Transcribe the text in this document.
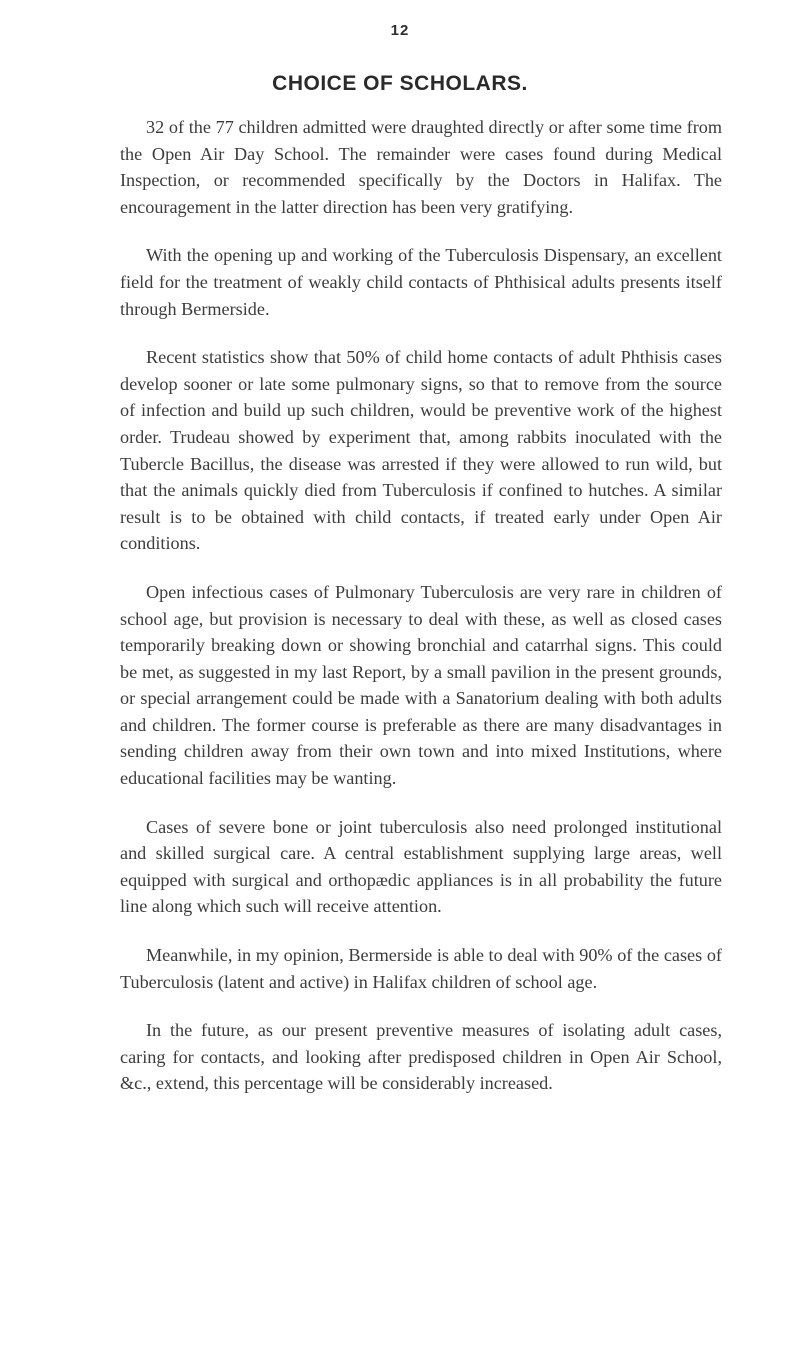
12
CHOICE OF SCHOLARS.

32 of the 77 children admitted were draughted directly or after some time from the Open Air Day School. The remainder were cases found during Medical Inspection, or recommended specifically by the Doctors in Halifax. The encouragement in the latter direction has been very gratifying.

With the opening up and working of the Tuberculosis Dispensary, an excellent field for the treatment of weakly child contacts of Phthisical adults presents itself through Bermerside.

Recent statistics show that 50% of child home contacts of adult Phthisis cases develop sooner or late some pulmonary signs, so that to remove from the source of infection and build up such children, would be preventive work of the highest order. Trudeau showed by experiment that, among rabbits inoculated with the Tubercle Bacillus, the disease was arrested if they were allowed to run wild, but that the animals quickly died from Tuberculosis if confined to hutches. A similar result is to be obtained with child contacts, if treated early under Open Air conditions.

Open infectious cases of Pulmonary Tuberculosis are very rare in children of school age, but provision is necessary to deal with these, as well as closed cases temporarily breaking down or showing bronchial and catarrhal signs. This could be met, as suggested in my last Report, by a small pavilion in the present grounds, or special arrangement could be made with a Sanatorium dealing with both adults and children. The former course is preferable as there are many disadvantages in sending children away from their own town and into mixed Institutions, where educational facilities may be wanting.

Cases of severe bone or joint tuberculosis also need prolonged institutional and skilled surgical care. A central establishment supplying large areas, well equipped with surgical and orthopædic appliances is in all probability the future line along which such will receive attention.

Meanwhile, in my opinion, Bermerside is able to deal with 90% of the cases of Tuberculosis (latent and active) in Halifax children of school age.

In the future, as our present preventive measures of isolating adult cases, caring for contacts, and looking after predisposed children in Open Air School, &c., extend, this percentage will be considerably increased.
